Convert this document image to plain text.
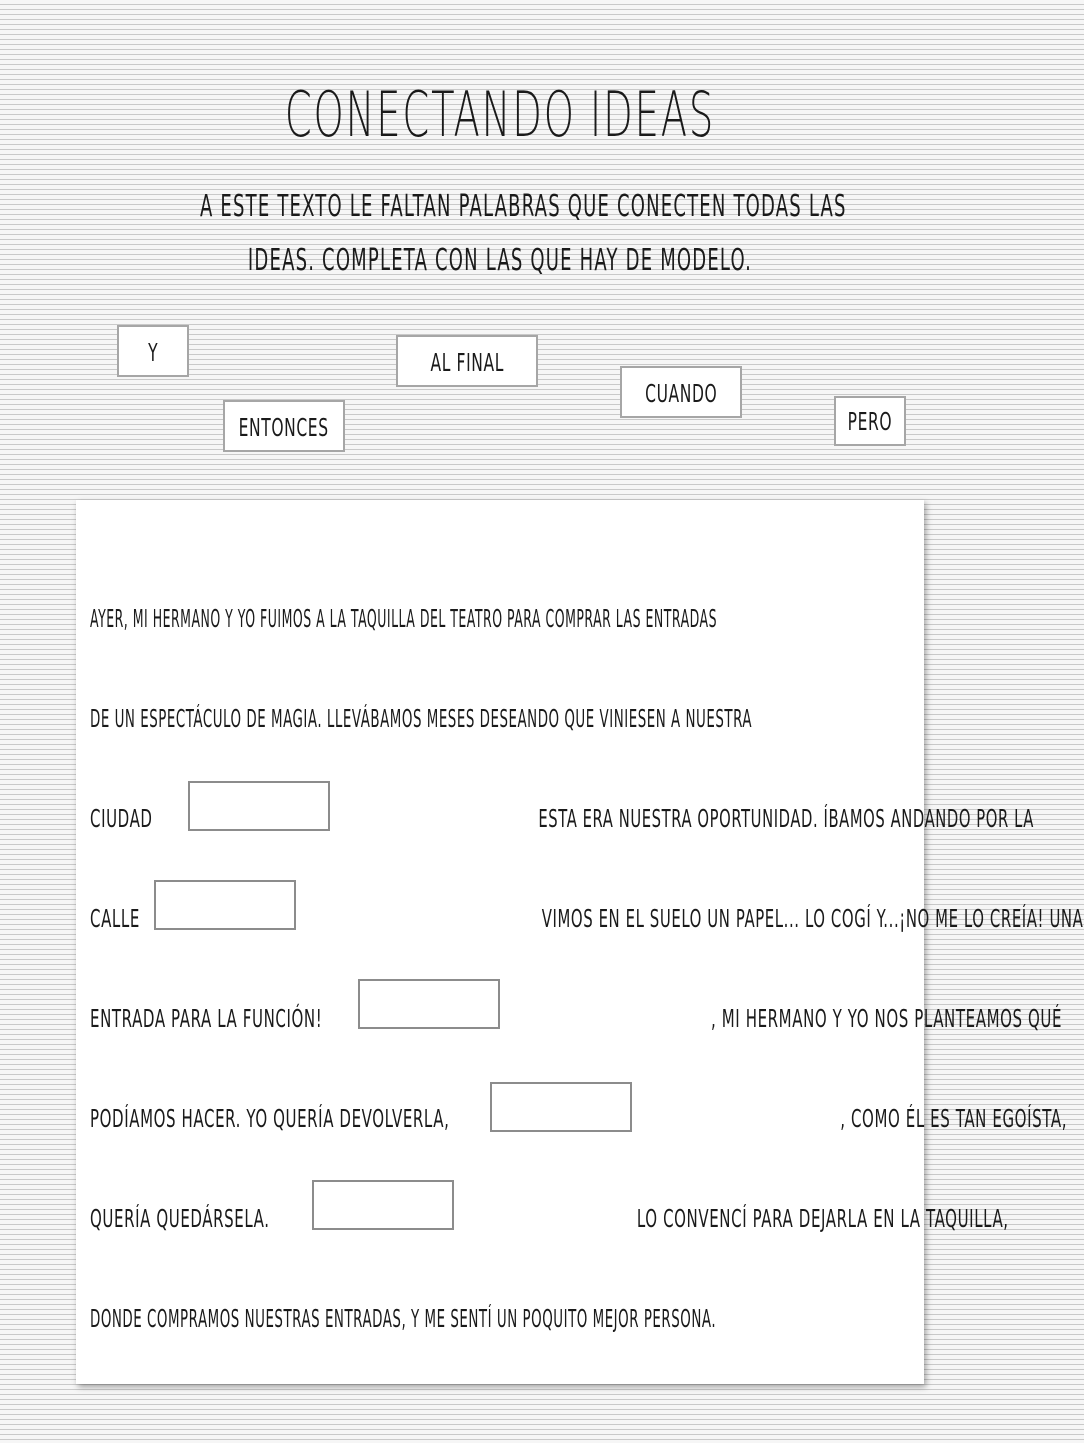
CONECTANDO IDEAS
A ESTE TEXTO LE FALTAN PALABRAS QUE CONECTEN TODAS LAS
IDEAS. COMPLETA CON LAS QUE HAY DE MODELO.
Y	AL FINAL
CUANDO
ENTONCES	PERO
AYER, MI HERMANO Y YO FUIMOS A LA TAQUILLA DEL TEATRO PARA COMPRAR LAS ENTRADAS
DE UN ESPECTÁCULO DE MAGIA. LLEVÁBAMOS MESES DESEANDO QUE VINIESEN A NUESTRA
CIUDAD	ESTA ERA NUESTRA OPORTUNIDAD. ÍBAMOS ANDANDO POR LA
CALLE	VIMOS EN EL SUELO UN PAPEL... LO COGÍ Y...¡NO ME LO CREÍA! UNA
ENTRADA PARA LA FUNCIÓN!	, MI HERMANO Y YO NOS PLANTEAMOS QUÉ
PODÍAMOS HACER. YO QUERÍA DEVOLVERLA,	, COMO ÉL ES TAN EGOÍSTA,
QUERÍA QUEDÁRSELA.	LO CONVENCÍ PARA DEJARLA EN LA TAQUILLA,
DONDE COMPRAMOS NUESTRAS ENTRADAS, Y ME SENTÍ UN POQUITO MEJOR PERSONA.
